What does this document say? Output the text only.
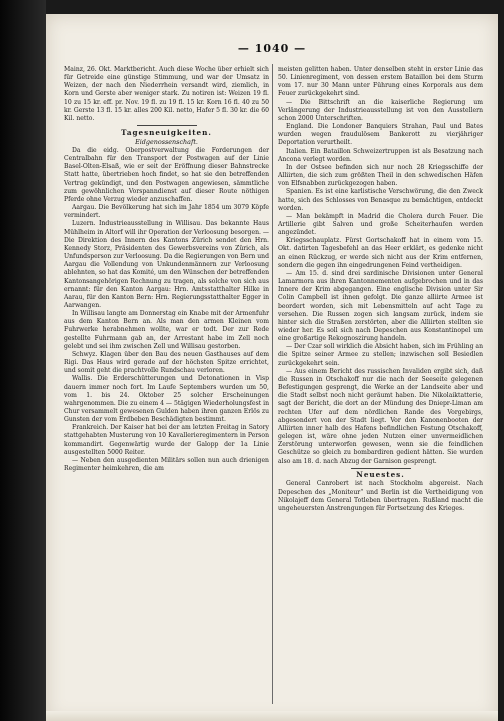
— 1040 —

Mainz, 26. Okt. Marktbericht. Auch diese Woche über erhielt sich für Getreide eine günstige Stimmung, und war der Umsatz in Weizen, der nach den Niederrhein versandt wird, ziemlich, in Korn und Gerste aber weniger stark. Zu notiren ist: Weizen 19 fl. 10 zu 15 kr. eff. pr. Nov. 19 fl. zu 19 fl. 15 kr. Korn 16 fl. 40 zu 50 kr. Gerste 13 fl. 15 kr. alles 200 Kil. netto, Hafer 5 fl. 30 kr. die 60 Kil. netto.

Tagesneuigkeiten.
Eidgenossenschaft.

Da die eidg. Oberpostverwaltung die Forderungen der Centralbahn für den Transport der Postwagen auf der Linie Basel-Olten-Elsaß, wie er seit der Eröffnung dieser Bahnstrecke Statt hatte, übertrieben hoch findet, so hat sie den betreffenden Vertrag gekündigt, und den Postwagen angewiesen, sämmtliche zum gewöhnlichen Vorspanndienst auf dieser Route nöthigen Pferde ohne Verzug wieder anzuschaffen.

Aargau. Die Bevölkerung hat sich im Jahr 1854 um 3079 Köpfe vermindert.

Luzern. Industrieausstellung in Willisau. Das bekannte Haus Mühlheim in Altorf will ihr Operation der Verloosung besorgen. — Die Direktion des Innern des Kantons Zürich sendet den Hrn. Kennedy Storz, Präsidenten des Gewerbsvereins von Zürich, als Unfundsperson zur Verloosung. Da die Regierungen von Bern und Aargau die Vollendung von Unkundenmännern zur Verloosung ablehnten, so hat das Komité, um den Wünschen der betreffenden Kantonsangehörigen Rechnung zu tragen, als solche von sich aus ernannt: für den Kanton Aargau: Hrn. Amtsstatthalter Hilke in Aarau, für den Kanton Bern: Hrn. Regierungsstatthalter Egger in Aarwangen.

In Willisau langte am Donnerstag ein Knabe mit der Armenfuhr aus dem Kanton Bern an. Als man den armen Kleinen vom Fuhrwerke herabnehmen wollte, war er todt. Der zur Rede gestellte Fuhrmann gab an, der Arrestant habe im Zell noch gelebt und sei ihm zwischen Zell und Willisau gestorben.

Schwyz. Klagen über den Bau des neuen Gasthauses auf dem Rigi. Das Haus wird gerade auf der höchsten Spitze errichtet, und somit geht die prachtvolle Rundschau verloren.

Wallis. Die Erderschütterungen und Detonationen in Visp dauern immer noch fort. Im Laufe Septembers wurden um 50, vom 1. bis 24. Oktober 25 solcher Erscheinungen wahrgenommen. Die zu einem 4 — 5tägigen Wiederholungsfest in Chur versammelt gewesenen Gulden haben ihren ganzen Erlös zu Gunsten der vom Erdbeben Beschädigten bestimmt.

Frankreich. Der Kaiser hat bei der am letzten Freitag in Satory stattgehabten Musterung von 10 Kavallerieregimentern in Person kommandirt. Gegenwärtig wurde der Galopp der 1a Linie ausgestellten 5000 Reiter.

— Neben den ausgedienten Militärs sollen nun auch drienigen Regimenter heimkehren, die am

meisten gelitten haben. Unter denselben steht in erster Linie das 50. Linienregiment, von dessen erstem Bataillon bei dem Sturm vom 17. nur 30 Mann unter Führung eines Korporals aus dem Feuer zurückgekehrt sind.

— Die Bittschrift an die kaiserliche Regierung um Verlängerung der Industrieausstellung ist von den Ausstellern schon 2000 Unterschriften.

England. Die Londoner Banquiers Strahan, Paul und Bates wurden wegen fraudulösem Bankerott zu vierjähriger Deportation verurtheilt.

Italien. Ein Bataillon Schweizertruppen ist als Besatzung nach Ancona verlegt worden.

In der Ostsee befinden sich nur noch 28 Kriegsschiffe der Alliirten, die sich zum größten Theil in den schwedischen Häfen von Elfsnabben zurückgezogen haben.

Spanien. Es ist eine karlistische Verschwörung, die den Zweck hatte, sich des Schlosses von Benasque zu bemächtigen, entdeckt worden.

— Man bekämpft in Madrid die Cholera durch Feuer. Die Artillerie gibt Salven und große Scheiterhaufen werden angezündet.

Kriegsschauplatz. Fürst Gortschakoff hat in einem vom 15. Okt. datirten Tagesbefehl an das Heer erklärt, es gedenke nicht an einen Rückzug, er werde sich nicht aus der Krim entfernen, sondern die gegen ihn eingedrungenen Feind vertheidigen.

— Am 15. d. sind drei sardinische Divisionen unter General Lamarmora aus ihren Kantonnementen aufgebrochen und in das Innere der Krim abgegangen. Eine englische Division unter Sir Colin Campbell ist ihnen gefolgt. Die ganze alliirte Armee ist beordert worden, sich mit Lebensmitteln auf acht Tage zu versehen. Die Russen zogen sich langsam zurück, indem sie hinter sich die Straßen zerstörten, aber die Alliirten stellten sie wieder her. Es soll sich nach Depeschen aus Konstantinopel um eine großartige Rekognoszirung handeln.

— Der Czar soll wirklich die Absicht haben, sich im Frühling an die Spitze seiner Armee zu stellen; inzwischen soll Besiedlen zurückgekehrt sein.

— Aus einem Bericht des russischen Invaliden ergibt sich, daß die Russen in Otschakoff nur die nach der Seeseite gelegenen Befestigungen gesprengt, die Werke an der Landseite aber und die Stadt selbst noch nicht geräumt haben. Die Nikolaiktatterie, sagt der Bericht, die dort an der Mündung des Dniepr-Liman am rechten Ufer auf dem nördlichen Rande des Vorgebirgs, abgesondert von der Stadt liegt. Vor den Kanonenbooten der Alliirten inner halb des Hafens befindlichen Festung Otschakoff, gelegen ist, wäre ohne jeden Nutzen einer unvermeidlichen Zerstörung unterworfen gewesen, wenn sie die feindlichen Geschütze so gleich zu bombardiren gedient hätten. Sie wurden also am 18. d. nach Abzug der Garnison gesprengt.

Neuestes.

General Canrobert ist nach Stockholm abgereist. Nach Depeschen des „Moniteur“ und Berlin ist die Vertheidigung von Nikolajeff dem General Totleben übertragen. Rußland macht die ungeheuersten Anstrengungen für Fortsetzung des Krieges.
